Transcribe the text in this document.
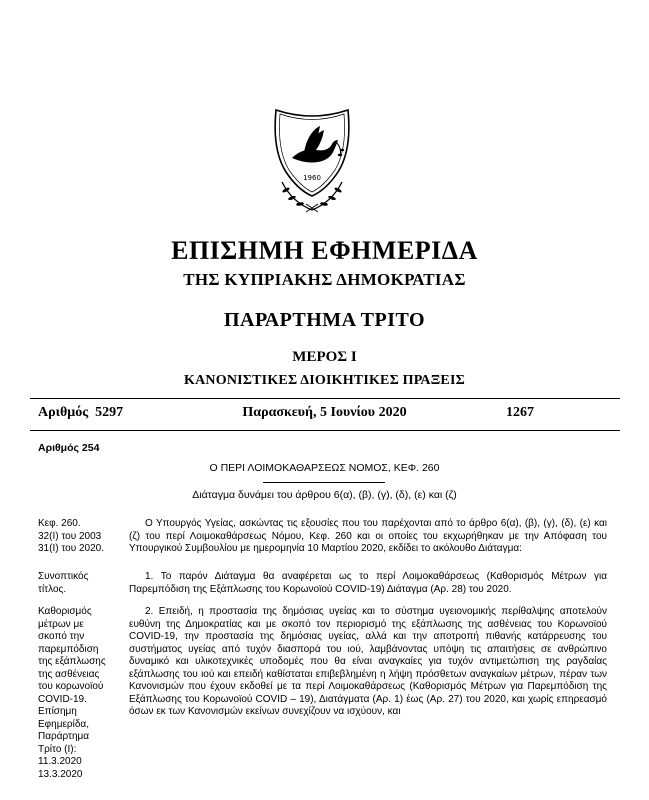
1960
ΕΠΙΣΗΜΗ ΕΦΗΜΕΡΙΔΑ
ΤΗΣ ΚΥΠΡΙΑΚΗΣ ΔΗΜΟΚΡΑΤΙΑΣ
ΠΑΡΑΡΤΗΜΑ ΤΡΙΤΟ
ΜΕΡΟΣ Ι
ΚΑΝΟΝΙΣΤΙΚΕΣ ΔΙΟΙΚΗΤΙΚΕΣ ΠΡΑΞΕΙΣ
Αριθμός  5297	Παρασκευή, 5 Ιουνίου 2020	1267
Αριθμός 254
Ο ΠΕΡΙ ΛΟΙΜΟΚΑΘΑΡΣΕΩΣ ΝΟΜΟΣ, ΚΕΦ. 260
Διάταγμα δυνάμει του άρθρου 6(α), (β), (γ), (δ), (ε) και (ζ)
Κεφ. 260.
32(Ι) του 2003
31(Ι) του 2020.
Συνοπτικός
τίτλος.
Καθορισμός
μέτρων με
σκοπό την
παρεμπόδιση
της εξάπλωσης
της ασθένειας
του κορωνοϊού
COVID-19.
Επίσημη
Εφημερίδα,
Παράρτημα
Τρίτο (Ι):
11.3.2020
13.3.2020
Ο Υπουργός Υγείας, ασκώντας τις εξουσίες που του παρέχονται από το άρθρο 6(α), (β), (γ), (δ), (ε) και (ζ) του περί Λοιμοκαθάρσεως Νόμου, Κεφ. 260 και οι οποίες του εκχωρήθηκαν με την Απόφαση του Υπουργικού Συμβουλίου με ημερομηνία 10 Μαρτίου 2020, εκδίδει το ακόλουθο Διάταγμα:
1. Το παρόν Διάταγμα θα αναφέρεται ως το περί Λοιμοκαθάρσεως (Καθορισμός Μέτρων για Παρεμπόδιση της Εξάπλωσης του Κορωνοϊού COVID-19) Διάταγμα (Αρ. 28) του 2020.
2. Επειδή, η προστασία της δημόσιας υγείας και το σύστημα υγειονομικής περίθαλψης αποτελούν ευθύνη της Δημοκρατίας και με σκοπό τον περιορισμό της εξάπλωσης της ασθένειας του Κορωνοϊού COVID-19, την προστασία της δημόσιας υγείας, αλλά και την αποτροπή πιθανής κατάρρευσης του συστήματος υγείας από τυχόν διασπορά του ιού, λαμβάνοντας υπόψη τις απαιτήσεις σε ανθρώπινο δυναμικό και υλικοτεχνικές υποδομές που θα είναι αναγκαίες για τυχόν αντιμετώπιση της ραγδαίας εξάπλωσης του ιού και επειδή καθίσταται επιβεβλημένη η λήψη πρόσθετων αναγκαίων μέτρων, πέραν των Κανονισμών που έχουν εκδοθεί με τα περί Λοιμοκαθάρσεως (Καθορισμός Μέτρων για Παρεμπόδιση της Εξάπλωσης του Κορωνοϊού COVID – 19), Διατάγματα (Αρ. 1) έως (Αρ. 27) του 2020, και χωρίς επηρεασμό όσων εκ των Κανονισμών εκείνων συνεχίζουν να ισχύουν, και
